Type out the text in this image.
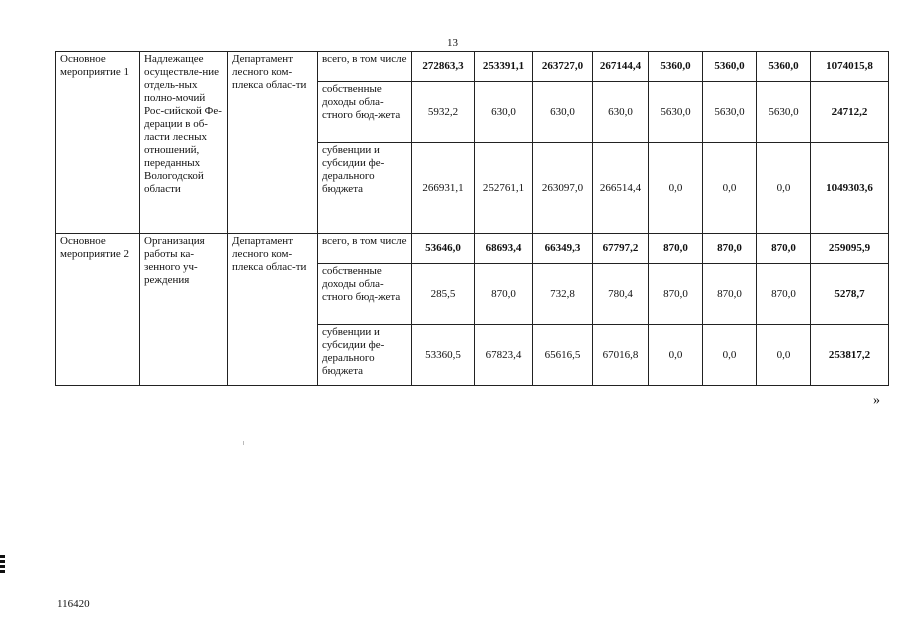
13
Основное мероприятие 1	Надлежащее осуществле-ние отдель-ных полно-мочий Рос-сийской Фе-дерации в об-ласти лесных отношений, переданных Вологодской области	Департамент лесного ком-плекса облас-ти	всего, в том числе	272863,3	253391,1	263727,0	267144,4	5360,0	5360,0	5360,0	1074015,8
			собственные доходы обла-стного бюд-жета	5932,2	630,0	630,0	630,0	5630,0	5630,0	5630,0	24712,2
			субвенции и субсидии фе-дерального бюджета	266931,1	252761,1	263097,0	266514,4	0,0	0,0	0,0	1049303,6
Основное мероприятие 2	Организация работы ка-зенного уч-реждения	Департамент лесного ком-плекса облас-ти	всего, в том числе	53646,0	68693,4	66349,3	67797,2	870,0	870,0	870,0	259095,9
			собственные доходы обла-стного бюд-жета	285,5	870,0	732,8	780,4	870,0	870,0	870,0	5278,7
			субвенции и субсидии фе-дерального бюджета	53360,5	67823,4	65616,5	67016,8	0,0	0,0	0,0	253817,2
»
116420
